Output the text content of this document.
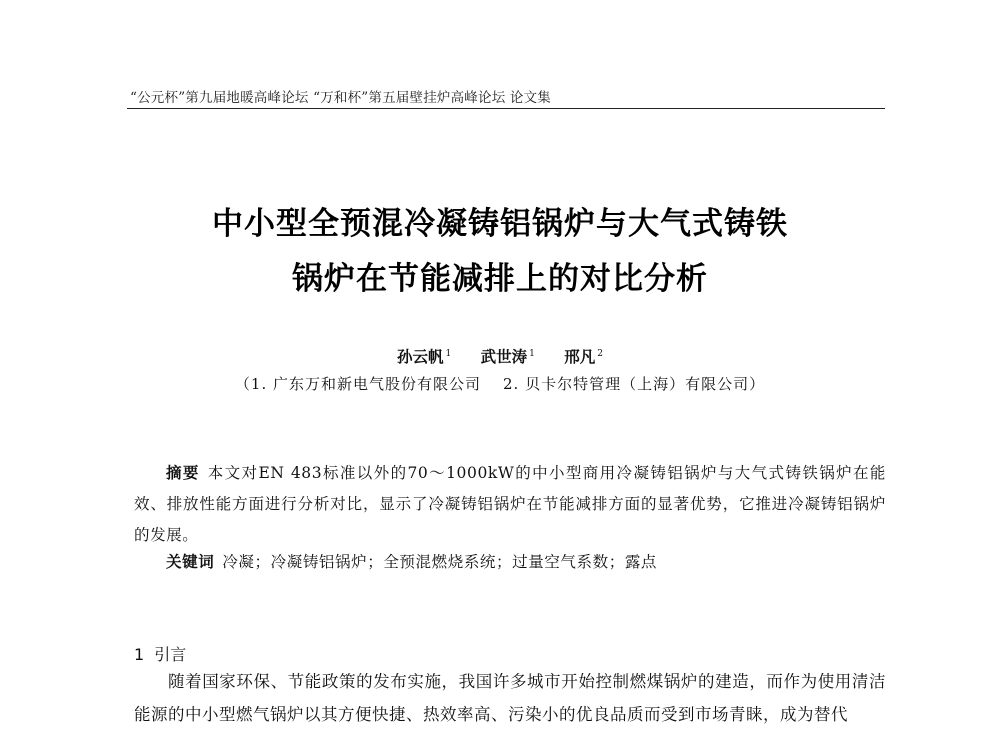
“公元杯”第九届地暖高峰论坛 “万和杯”第五届壁挂炉高峰论坛 论文集
中小型全预混冷凝铸铝锅炉与大气式铸铁
锅炉在节能减排上的对比分析
孙云帆 $^1$ 武世涛 $^1$ 邢凡 $^2$
（1. 广东万和新电气股份有限公司 2. 贝卡尔特管理（上海）有限公司）
摘要 本文对EN 483标准以外的70～1000kW的中小型商用冷凝铸铝锅炉与大气式铸铁锅炉在能效、排放性能方面进行分析对比，显示了冷凝铸铝锅炉在节能减排方面的显著优势，它推进冷凝铸铝锅炉的发展。
关键词 冷凝；冷凝铸铝锅炉；全预混燃烧系统；过量空气系数；露点
1 引言
随着国家环保、节能政策的发布实施，我国许多城市开始控制燃煤锅炉的建造，而作为使用清洁能源的中小型燃气锅炉以其方便快捷、热效率高、污染小的优良品质而受到市场青睐，成为替代
